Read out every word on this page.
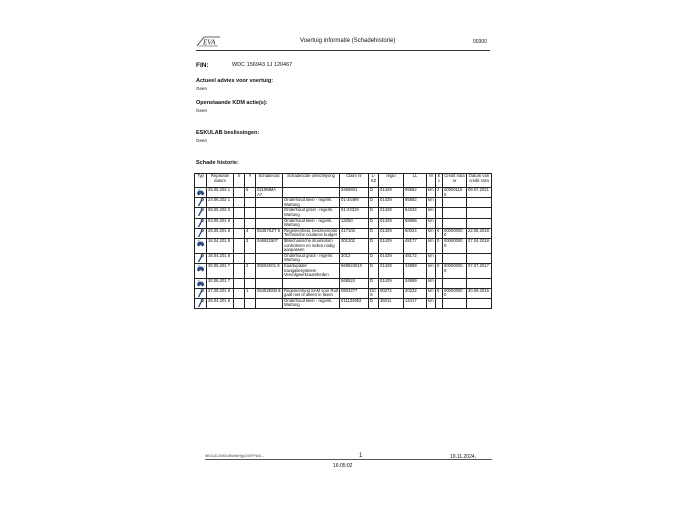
EVA	Voertuig informatie (Schadehistorie)	00300
FIN:	WDC 156943 1J 120467
Actueel advies voor voertuig:
Geen
Openstaande KDM actie(s):
Geen
ESKULAB beslissingen:
Geen
Schade historie:
Typ	Reparatie datum	X	#	Schadecod	Schadecode omschrijving	Claim nr	L-KZ	regio	LL	M	E c	Credit nota nr	Datum van credit nota

	25.06.202 1		5	0219MMA A7		3455601	D	01429	95582	km	2	00000115 6	09.07.2021

	24.06.202 1				Onderhoud klein - regelm. Wartung	01-34499	D	01429	95582	km			

	08.05.202 0				Onderhoud groot - regelm. Wartung	01-23319	D	01429	84234	km			

	03.05.201 9				Onderhoud klein - regelm. Wartung	13250	D	01429	68686	km			

	25.05.201 8		4	05457SZT 8	Regeleenheid, benzinemotor Technische coulance budget	417102	D	01429	50024	km	0	00000000 0	22.06.2018

	16.04.201 8		3	046921507	$Mechanische stuurkolom controleren en indien nodig aanpassen	301202	D	01429	48177	km	0	00000000 0	27.04.2018

	16.04.201 8				Onderhoud groot - regelm. Wartung	3012	D	01429	48172	km			

	30.06.201 7		2	08204X01 8	Kaartupdate navigatiesysteem Vervolgwerkzaamheden	569524010	D	01429	34889	km	0	00000000 0	07.07.2017

	30.06.201 7					569524	D	01429	34889	km			

	27.09.201 6		1	05452EEB 8	Regeleenheid SAM voor Rull gaat niet of alleen in fasen	0804277	DC S	00272	20232	km	0	00000000 0	30.09.2016

	26.04.201 6				Onderhoud klein - regelm. Wartung	011134952	D	38411	14417	km			
1
5KGUZL3h5Dc8h45eHjgCNXFP6rA...	19.11.2024,
16:05:02
